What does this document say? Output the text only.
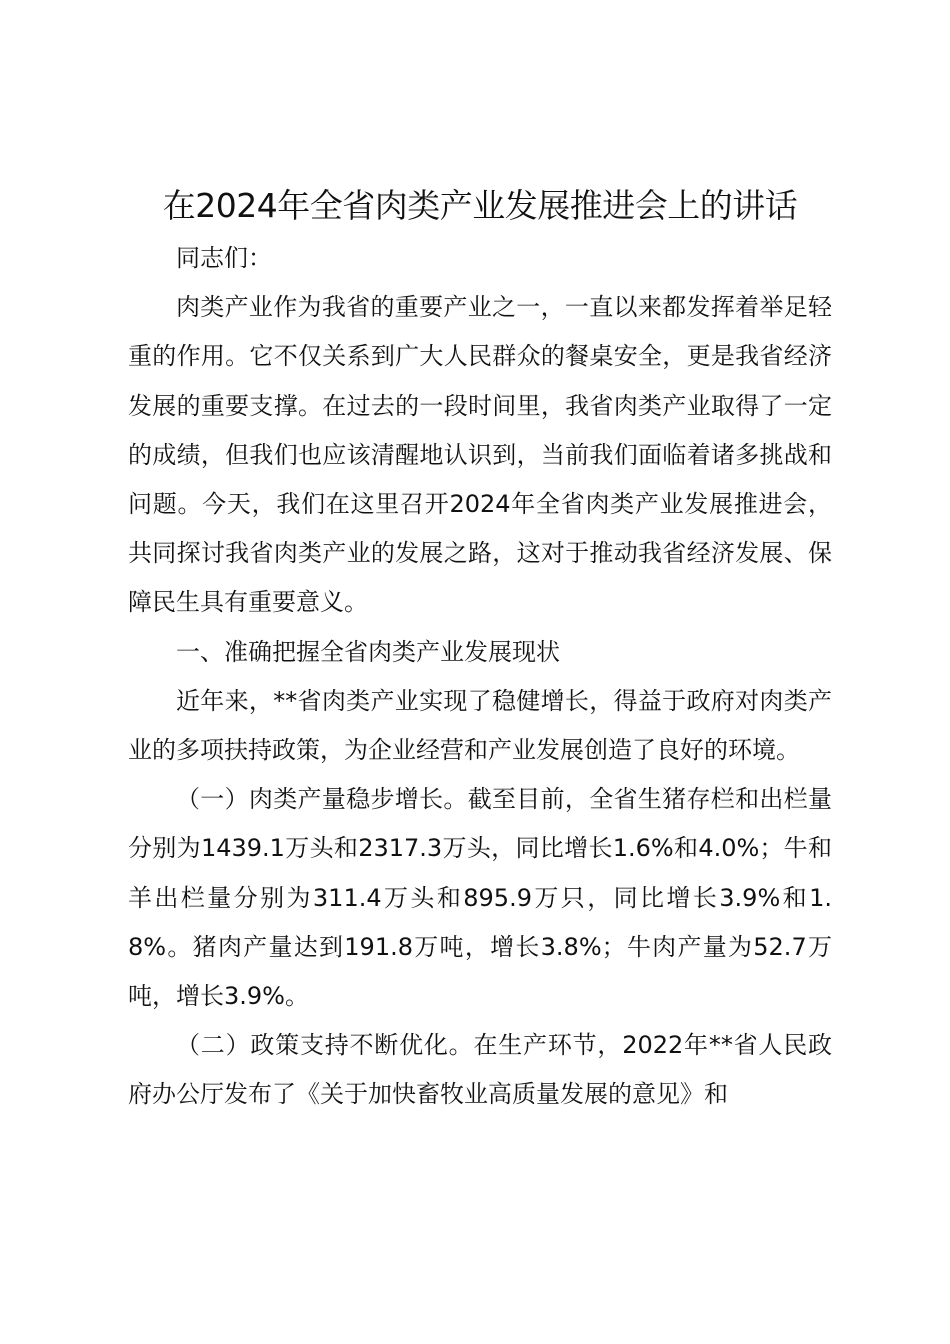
在2024年全省肉类产业发展推进会上的讲话

同志们：

肉类产业作为我省的重要产业之一，一直以来都发挥着举足轻重的作用。它不仅关系到广大人民群众的餐桌安全，更是我省经济发展的重要支撑。在过去的一段时间里，我省肉类产业取得了一定的成绩，但我们也应该清醒地认识到，当前我们面临着诸多挑战和问题。今天，我们在这里召开2024年全省肉类产业发展推进会，共同探讨我省肉类产业的发展之路，这对于推动我省经济发展、保障民生具有重要意义。

一、准确把握全省肉类产业发展现状

近年来，**省肉类产业实现了稳健增长，得益于政府对肉类产业的多项扶持政策，为企业经营和产业发展创造了良好的环境。

（一）肉类产量稳步增长。截至目前，全省生猪存栏和出栏量分别为1439.1万头和2317.3万头，同比增长1.6%和4.0%；牛和羊出栏量分别为311.4万头和895.9万只，同比增长3.9%和1.8%。猪肉产量达到191.8万吨，增长3.8%；牛肉产量为52.7万吨，增长3.9%。

（二）政策支持不断优化。在生产环节，2022年**省人民政府办公厅发布了《关于加快畜牧业高质量发展的意见》和
